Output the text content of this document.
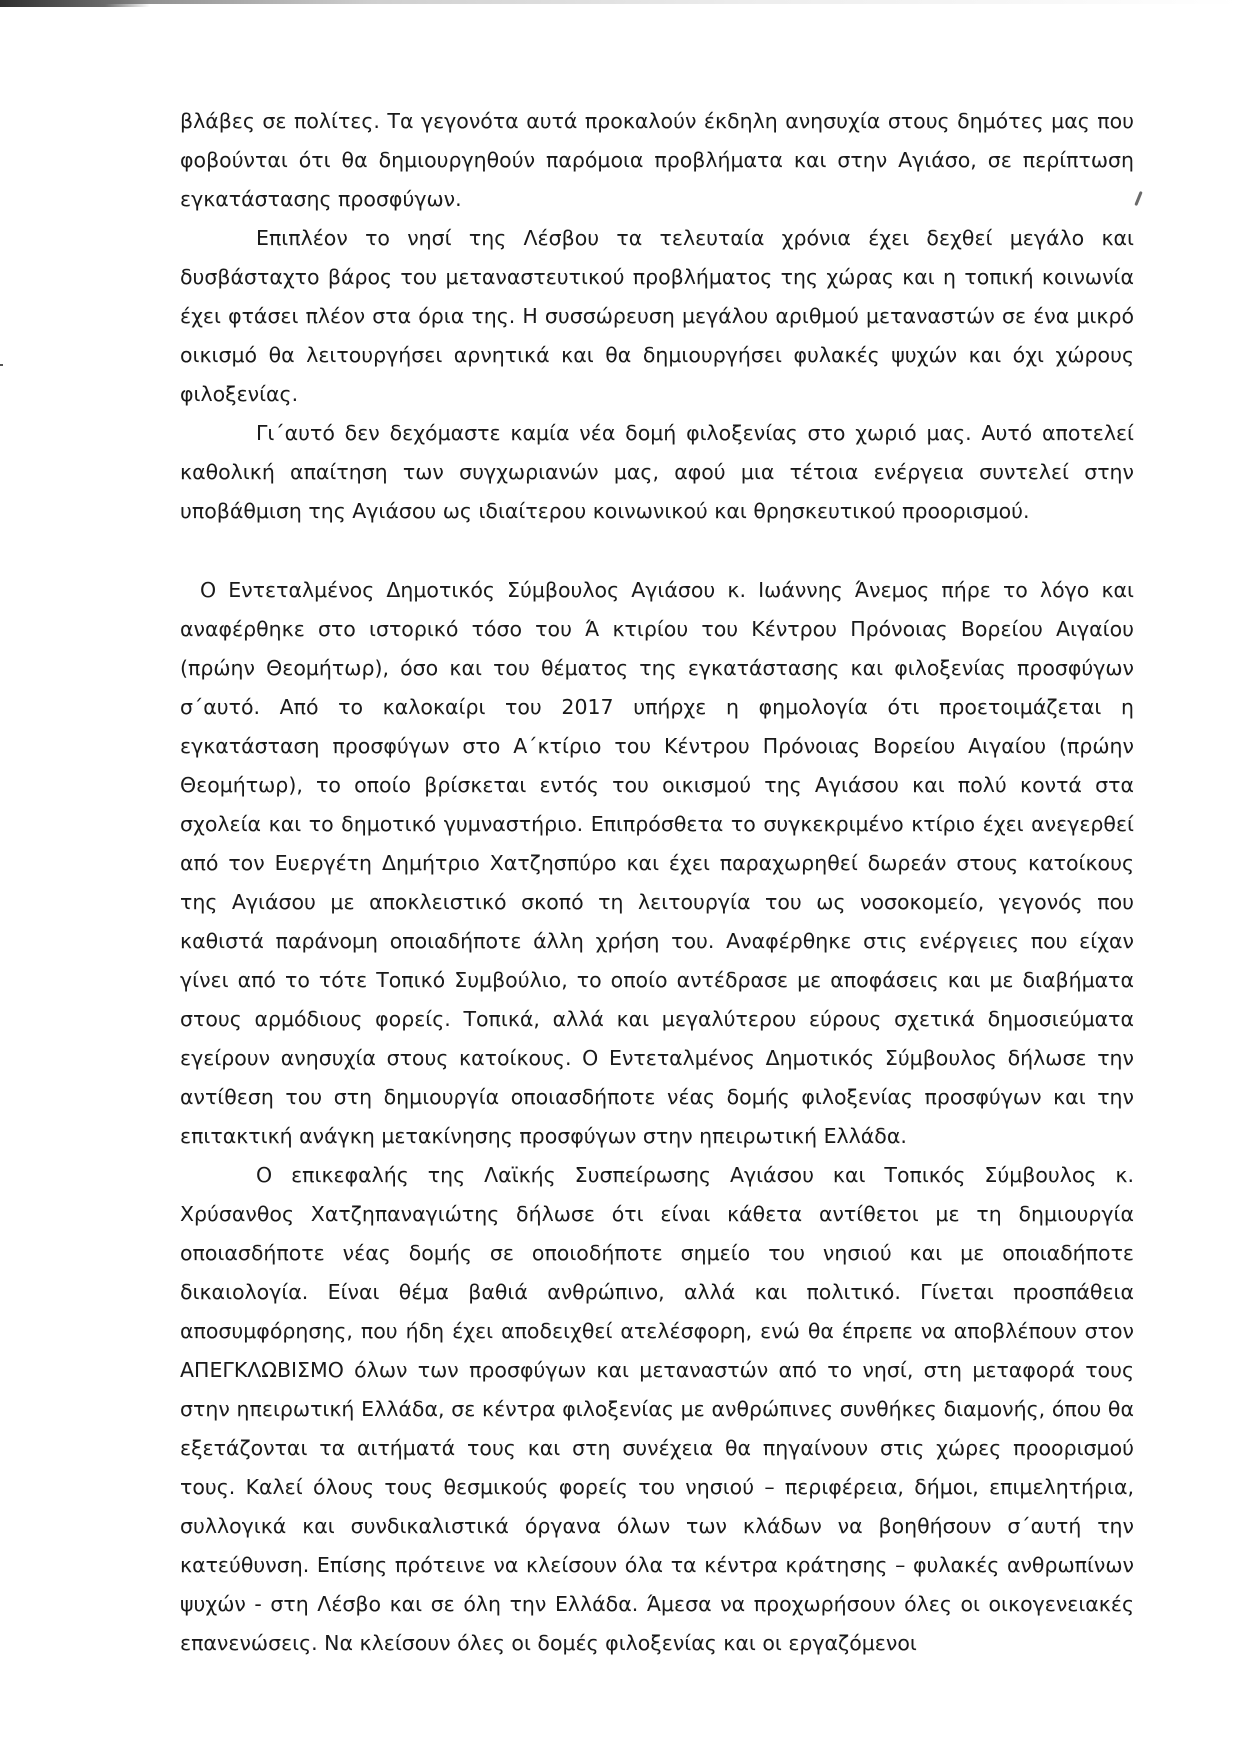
βλάβες σε πολίτες. Τα γεγονότα αυτά προκαλούν έκδηλη ανησυχία στους δημότες μας που φοβούνται ότι θα δημιουργηθούν παρόμοια προβλήματα και στην Αγιάσο, σε περίπτωση εγκατάστασης προσφύγων.

Επιπλέον το νησί της Λέσβου τα τελευταία χρόνια έχει δεχθεί μεγάλο και δυσβάσταχτο βάρος του μεταναστευτικού προβλήματος της χώρας και η τοπική κοινωνία έχει φτάσει πλέον στα όρια της. Η συσσώρευση μεγάλου αριθμού μεταναστών σε ένα μικρό οικισμό θα λειτουργήσει αρνητικά και θα δημιουργήσει φυλακές ψυχών και όχι χώρους φιλοξενίας.

Γι΄αυτό δεν δεχόμαστε καμία νέα δομή φιλοξενίας στο χωριό μας. Αυτό αποτελεί καθολική απαίτηση των συγχωριανών μας, αφού μια τέτοια ενέργεια συντελεί στην υποβάθμιση της Αγιάσου ως ιδιαίτερου κοινωνικού και θρησκευτικού προορισμού.

Ο Εντεταλμένος Δημοτικός Σύμβουλος Αγιάσου κ. Ιωάννης Άνεμος πήρε το λόγο και αναφέρθηκε στο ιστορικό τόσο του Ά κτιρίου του Κέντρου Πρόνοιας Βορείου Αιγαίου (πρώην Θεομήτωρ), όσο και του θέματος της εγκατάστασης και φιλοξενίας προσφύγων σ΄αυτό. Από το καλοκαίρι του 2017 υπήρχε η φημολογία ότι προετοιμάζεται η εγκατάσταση προσφύγων στο Α΄κτίριο του Κέντρου Πρόνοιας Βορείου Αιγαίου (πρώην Θεομήτωρ), το οποίο βρίσκεται εντός του οικισμού της Αγιάσου και πολύ κοντά στα σχολεία και το δημοτικό γυμναστήριο. Επιπρόσθετα το συγκεκριμένο κτίριο έχει ανεγερθεί από τον Ευεργέτη Δημήτριο Χατζησπύρο και έχει παραχωρηθεί δωρεάν στους κατοίκους της Αγιάσου με αποκλειστικό σκοπό τη λειτουργία του ως νοσοκομείο, γεγονός που καθιστά παράνομη οποιαδήποτε άλλη χρήση του. Αναφέρθηκε στις ενέργειες που είχαν γίνει από το τότε Τοπικό Συμβούλιο, το οποίο αντέδρασε με αποφάσεις και με διαβήματα στους αρμόδιους φορείς. Τοπικά, αλλά και μεγαλύτερου εύρους σχετικά δημοσιεύματα εγείρουν ανησυχία στους κατοίκους. Ο Εντεταλμένος Δημοτικός Σύμβουλος δήλωσε την αντίθεση του στη δημιουργία οποιασδήποτε νέας δομής φιλοξενίας προσφύγων και την επιτακτική ανάγκη μετακίνησης προσφύγων στην ηπειρωτική Ελλάδα.

Ο επικεφαλής της Λαϊκής Συσπείρωσης Αγιάσου και Τοπικός Σύμβουλος κ. Χρύσανθος Χατζηπαναγιώτης δήλωσε ότι είναι κάθετα αντίθετοι με τη δημιουργία οποιασδήποτε νέας δομής σε οποιοδήποτε σημείο του νησιού και με οποιαδήποτε δικαιολογία. Είναι θέμα βαθιά ανθρώπινο, αλλά και πολιτικό. Γίνεται προσπάθεια αποσυμφόρησης, που ήδη έχει αποδειχθεί ατελέσφορη, ενώ θα έπρεπε να αποβλέπουν στον ΑΠΕΓΚΛΩΒΙΣΜΟ όλων των προσφύγων και μεταναστών από το νησί, στη μεταφορά τους στην ηπειρωτική Ελλάδα, σε κέντρα φιλοξενίας με ανθρώπινες συνθήκες διαμονής, όπου θα εξετάζονται τα αιτήματά τους και στη συνέχεια θα πηγαίνουν στις χώρες προορισμού τους. Καλεί όλους τους θεσμικούς φορείς του νησιού – περιφέρεια, δήμοι, επιμελητήρια, συλλογικά και συνδικαλιστικά όργανα όλων των κλάδων να βοηθήσουν σ΄αυτή την κατεύθυνση. Επίσης πρότεινε να κλείσουν όλα τα κέντρα κράτησης – φυλακές ανθρωπίνων ψυχών - στη Λέσβο και σε όλη την Ελλάδα. Άμεσα να προχωρήσουν όλες οι οικογενειακές επανενώσεις. Να κλείσουν όλες οι δομές φιλοξενίας και οι εργαζόμενοι
